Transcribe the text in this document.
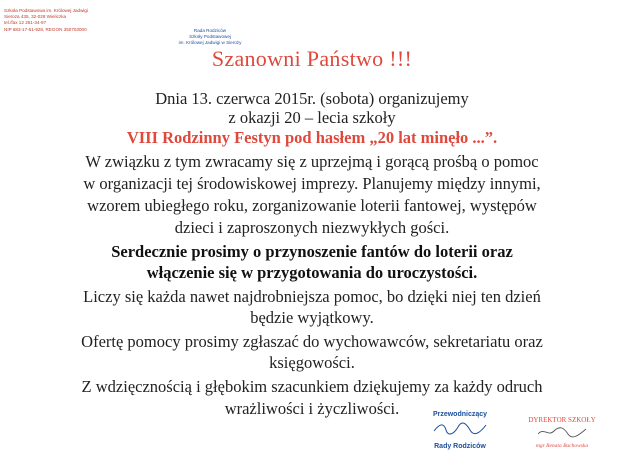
Szkoła Podstawowa im. Królowej Jadwigi
Sieroza 435, 32-028 Wieliczka
tel./fax 12 251-34-97
NIP 683-17-61-928, REGON 350703000	Rada Rodziców
Szkoły Podstawowej
im. Królowej Jadwigi w Sieroży
Szanowni Państwo !!!
Dnia 13. czerwca 2015r. (sobota) organizujemy
z okazji 20 – lecia szkoły
VIII Rodzinny Festyn pod hasłem „20 lat minęło ...”.
W związku z tym zwracamy się z uprzejmą i gorącą prośbą o pomoc
w organizacji tej środowiskowej imprezy. Planujemy między innymi,
wzorem ubiegłego roku, zorganizowanie loterii fantowej, występów
dzieci i zaproszonych niezwykłych gości.
Serdecznie prosimy o przynoszenie fantów do loterii oraz
włączenie się w przygotowania do uroczystości.
Liczy się każda nawet najdrobniejsza pomoc, bo dzięki niej ten dzień
będzie wyjątkowy.
Ofertę pomocy prosimy zgłaszać do wychowawców, sekretariatu oraz
księgowości.
Z wdzięcznością i głębokim szacunkiem dziękujemy za każdy odruch
wrażliwości i życzliwości.	Przewodniczący
Rady Rodziców
DYREKTOR SZKOŁY
mgr Renata Bachowska
